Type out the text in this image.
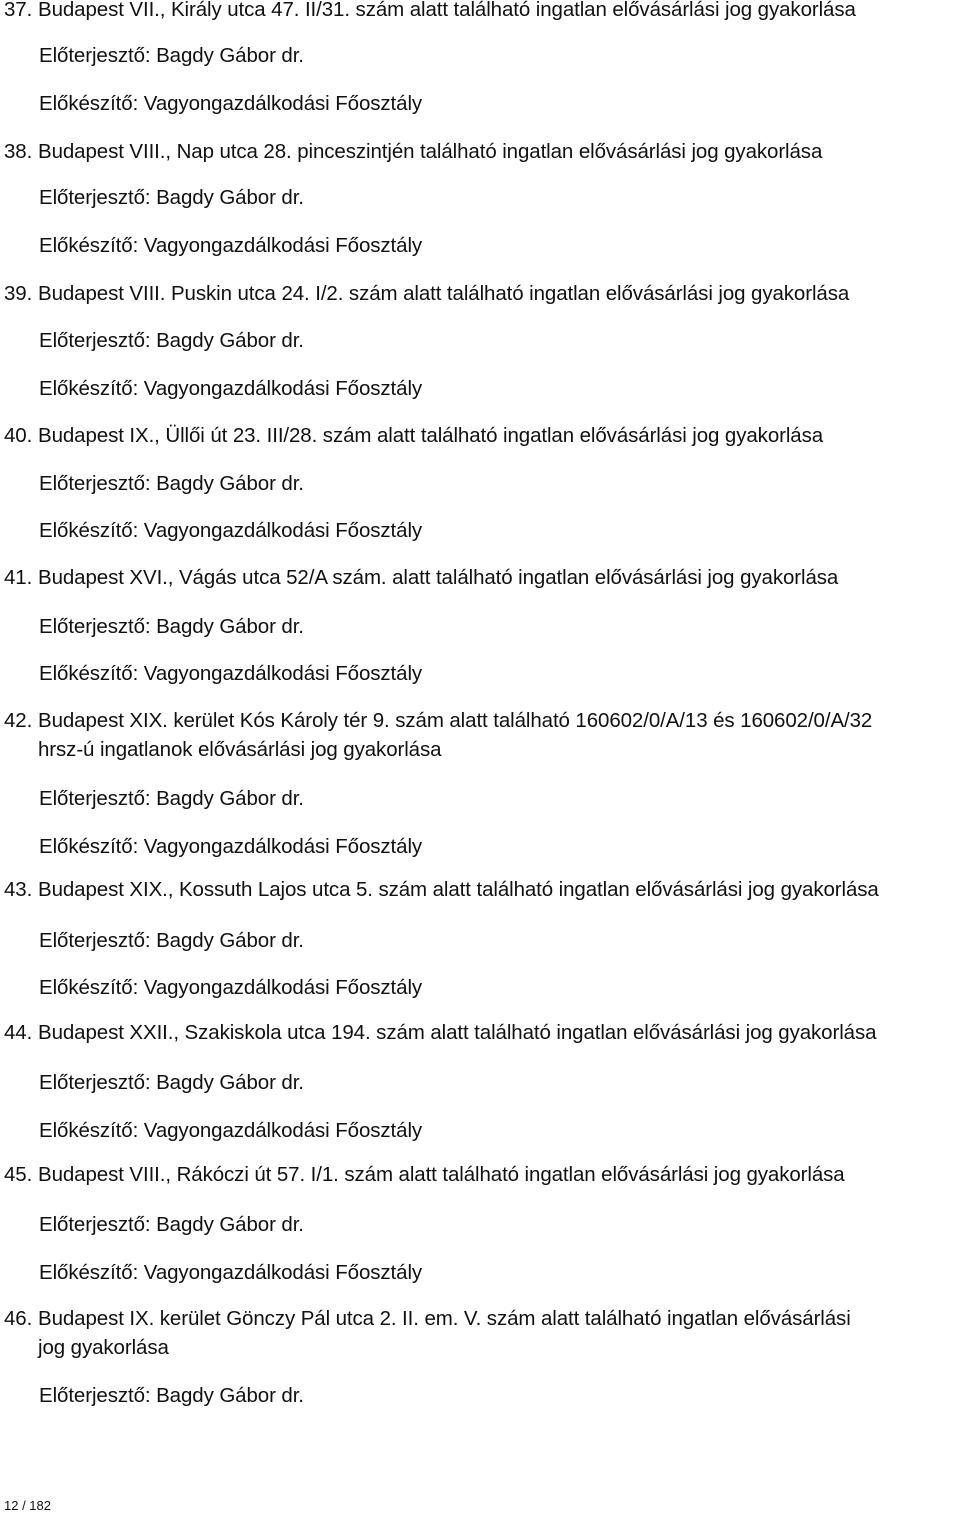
37. Budapest VII., Király utca 47. II/31. szám alatt található ingatlan elővásárlási jog gyakorlása
Előterjesztő: Bagdy Gábor dr.
Előkészítő: Vagyongazdálkodási Főosztály
38. Budapest VIII., Nap utca 28. pinceszintjén található ingatlan elővásárlási jog gyakorlása
Előterjesztő: Bagdy Gábor dr.
Előkészítő: Vagyongazdálkodási Főosztály
39. Budapest VIII. Puskin utca 24. I/2. szám alatt található ingatlan elővásárlási jog gyakorlása
Előterjesztő: Bagdy Gábor dr.
Előkészítő: Vagyongazdálkodási Főosztály
40. Budapest IX., Üllői út 23. III/28. szám alatt található ingatlan elővásárlási jog gyakorlása
Előterjesztő: Bagdy Gábor dr.
Előkészítő: Vagyongazdálkodási Főosztály
41. Budapest XVI., Vágás utca 52/A szám. alatt található ingatlan elővásárlási jog gyakorlása
Előterjesztő: Bagdy Gábor dr.
Előkészítő: Vagyongazdálkodási Főosztály
42. Budapest XIX. kerület Kós Károly tér 9. szám alatt található 160602/0/A/13 és 160602/0/A/32
hrsz-ú ingatlanok elővásárlási jog gyakorlása
Előterjesztő: Bagdy Gábor dr.
Előkészítő: Vagyongazdálkodási Főosztály
43. Budapest XIX., Kossuth Lajos utca 5. szám alatt található ingatlan elővásárlási jog gyakorlása
Előterjesztő: Bagdy Gábor dr.
Előkészítő: Vagyongazdálkodási Főosztály
44. Budapest XXII., Szakiskola utca 194. szám alatt található ingatlan elővásárlási jog gyakorlása
Előterjesztő: Bagdy Gábor dr.
Előkészítő: Vagyongazdálkodási Főosztály
45. Budapest VIII., Rákóczi út 57. I/1. szám alatt található ingatlan elővásárlási jog gyakorlása
Előterjesztő: Bagdy Gábor dr.
Előkészítő: Vagyongazdálkodási Főosztály
46. Budapest IX. kerület Gönczy Pál utca 2. II. em. V. szám alatt található ingatlan elővásárlási
jog gyakorlása
Előterjesztő: Bagdy Gábor dr.
12 / 182
